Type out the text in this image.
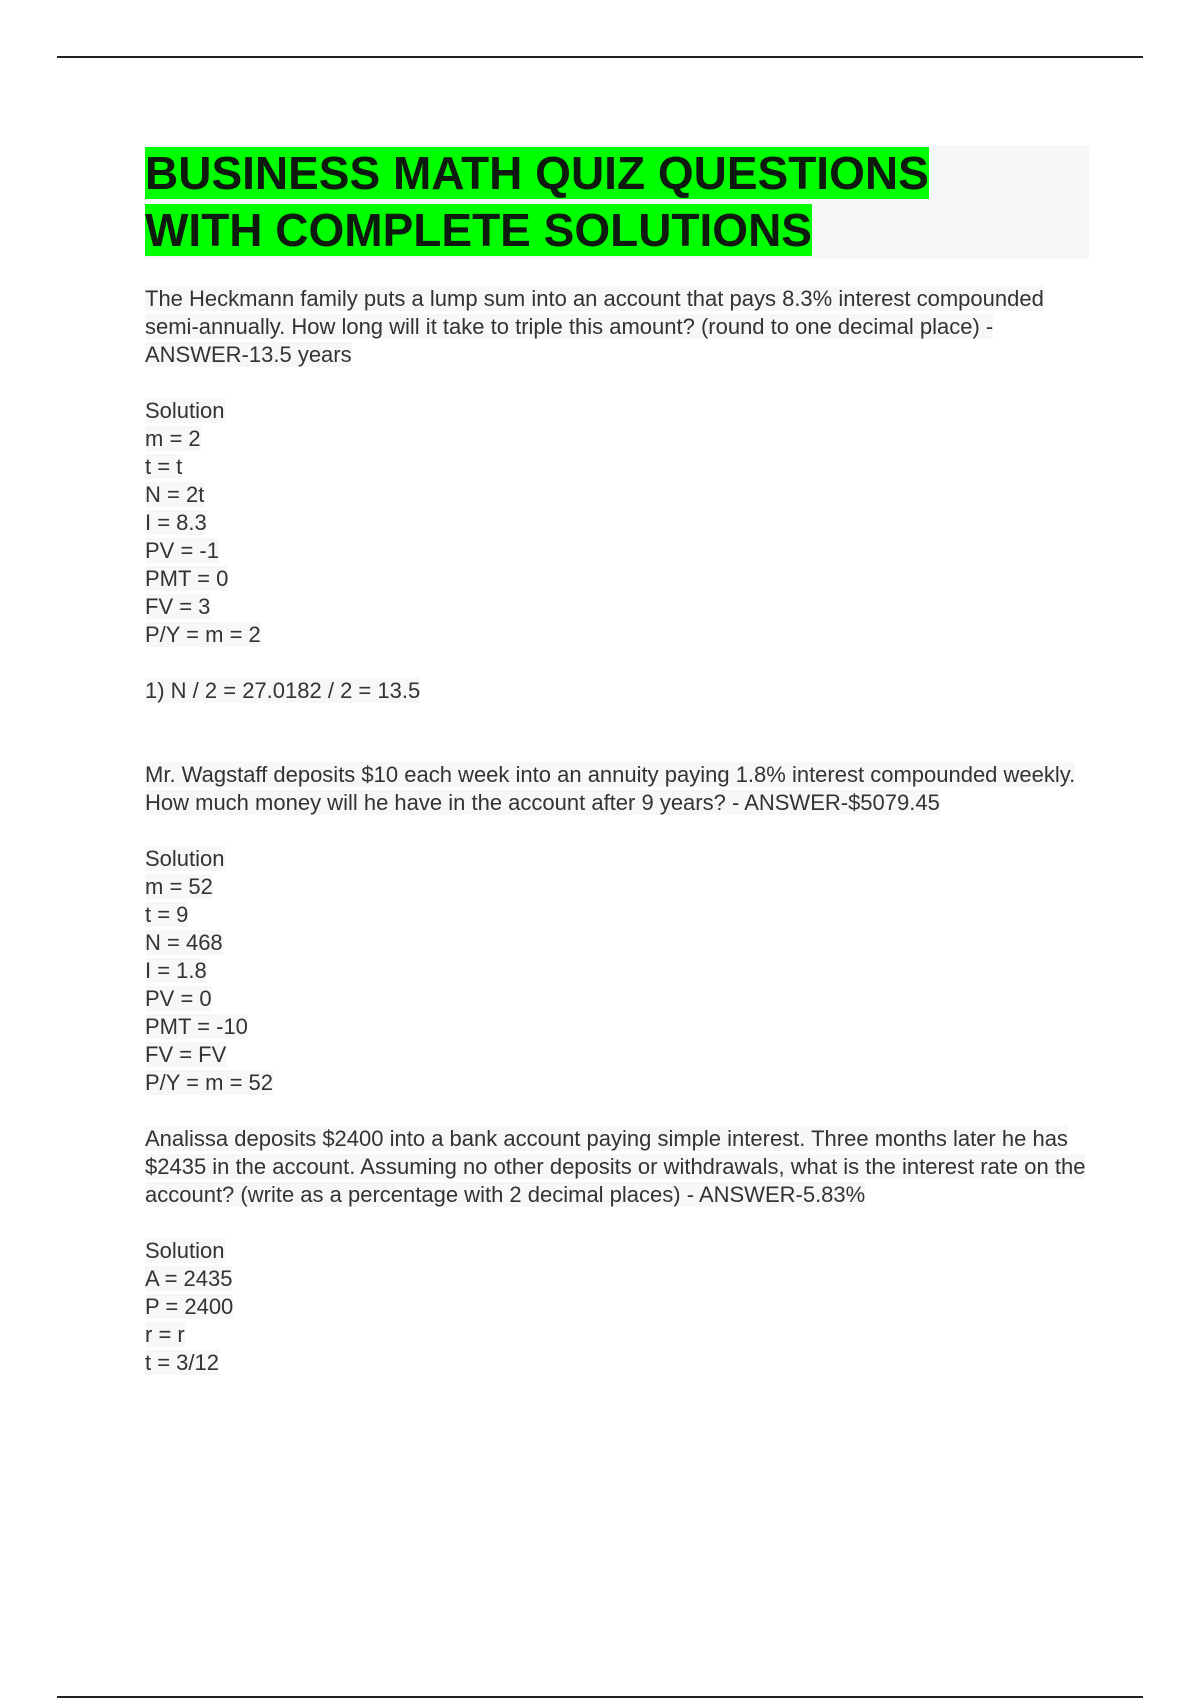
BUSINESS MATH QUIZ QUESTIONS
WITH COMPLETE SOLUTIONS

The Heckmann family puts a lump sum into an account that pays 8.3% interest compounded semi-annually. How long will it take to triple this amount? (round to one decimal place) - ANSWER-13.5 years

Solution
m = 2
t = t
N = 2t
I = 8.3
PV = -1
PMT = 0
FV = 3
P/Y = m = 2

1) N / 2 = 27.0182 / 2 = 13.5

Mr. Wagstaff deposits $10 each week into an annuity paying 1.8% interest compounded weekly. How much money will he have in the account after 9 years? - ANSWER-$5079.45

Solution
m = 52
t = 9
N = 468
I = 1.8
PV = 0
PMT = -10
FV = FV
P/Y = m = 52

Analissa deposits $2400 into a bank account paying simple interest. Three months later he has $2435 in the account. Assuming no other deposits or withdrawals, what is the interest rate on the account? (write as a percentage with 2 decimal places) - ANSWER-5.83%

Solution
A = 2435
P = 2400
r = r
t = 3/12
